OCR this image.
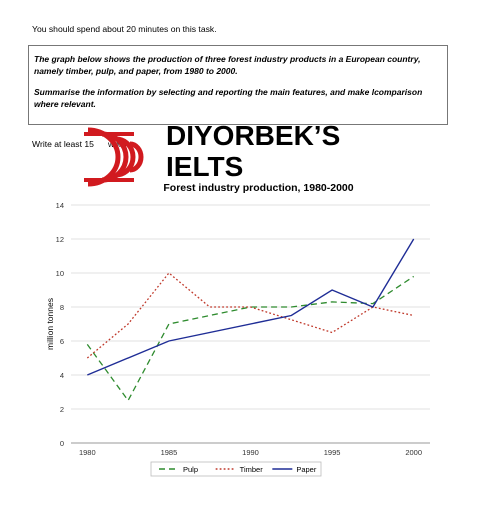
You should spend about 20 minutes on this task.

The graph below shows the production of three forest industry products in a European country, namely timber, pulp, and paper, from 1980 to 2000.

Summarise the information by selecting and reporting the main features, and make lcomparison where relevant.

Write at least 15 words. DIYORBEK’S
IELTS
Forest industry production, 1980-2000
0
2
4
6
8
10
12
14
1980	1985	1990	1995	2000
million tonnes
Pulp	Timber	Paper
